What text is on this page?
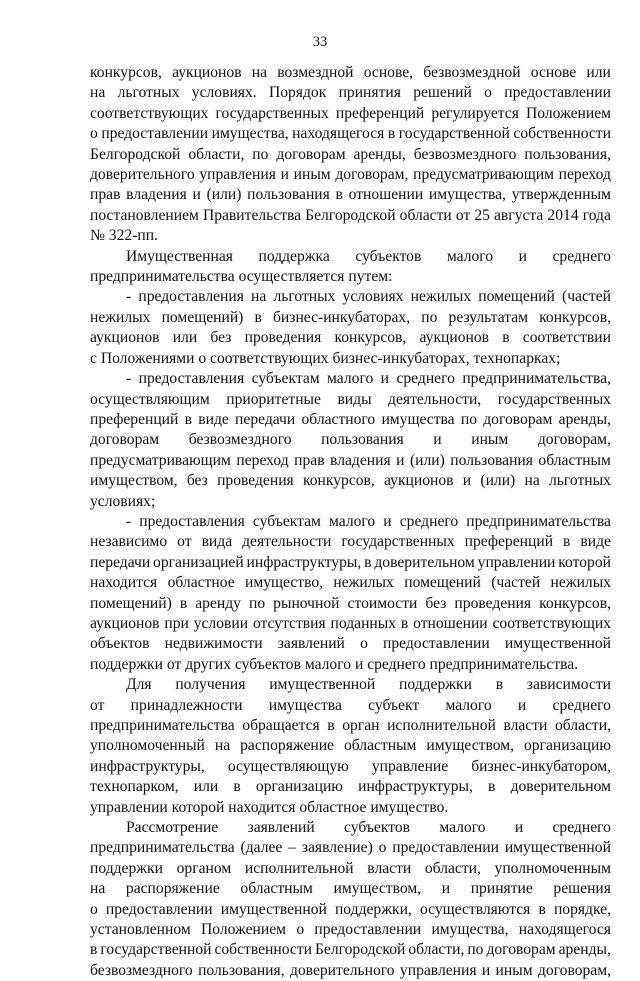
33
конкурсов, аукционов на возмездной основе, безвозмездной основе или
на льготных условиях. Порядок принятия решений о предоставлении
соответствующих государственных преференций регулируется Положением
о предоставлении имущества, находящегося в государственной собственности
Белгородской области, по договорам аренды, безвозмездного пользования,
доверительного управления и иным договорам, предусматривающим переход
прав владения и (или) пользования в отношении имущества, утвержденным
постановлением Правительства Белгородской области от 25 августа 2014 года
№ 322-пп.
Имущественная поддержка субъектов малого и среднего
предпринимательства осуществляется путем:
- предоставления на льготных условиях нежилых помещений (частей
нежилых помещений) в бизнес-инкубаторах, по результатам конкурсов,
аукционов или без проведения конкурсов, аукционов в соответствии
с Положениями о соответствующих бизнес-инкубаторах, технопарках;
- предоставления субъектам малого и среднего предпринимательства,
осуществляющим приоритетные виды деятельности, государственных
преференций в виде передачи областного имущества по договорам аренды,
договорам безвозмездного пользования и иным договорам,
предусматривающим переход прав владения и (или) пользования областным
имуществом, без проведения конкурсов, аукционов и (или) на льготных
условиях;
- предоставления субъектам малого и среднего предпринимательства
независимо от вида деятельности государственных преференций в виде
передачи организацией инфраструктуры, в доверительном управлении которой
находится областное имущество, нежилых помещений (частей нежилых
помещений) в аренду по рыночной стоимости без проведения конкурсов,
аукционов при условии отсутствия поданных в отношении соответствующих
объектов недвижимости заявлений о предоставлении имущественной
поддержки от других субъектов малого и среднего предпринимательства.
Для получения имущественной поддержки в зависимости
от принадлежности имущества субъект малого и среднего
предпринимательства обращается в орган исполнительной власти области,
уполномоченный на распоряжение областным имуществом, организацию
инфраструктуры, осуществляющую управление бизнес-инкубатором,
технопарком, или в организацию инфраструктуры, в доверительном
управлении которой находится областное имущество.
Рассмотрение заявлений субъектов малого и среднего
предпринимательства (далее – заявление) о предоставлении имущественной
поддержки органом исполнительной власти области, уполномоченным
на распоряжение областным имуществом, и принятие решения
о предоставлении имущественной поддержки, осуществляются в порядке,
установленном Положением о предоставлении имущества, находящегося
в государственной собственности Белгородской области, по договорам аренды,
безвозмездного пользования, доверительного управления и иным договорам,
